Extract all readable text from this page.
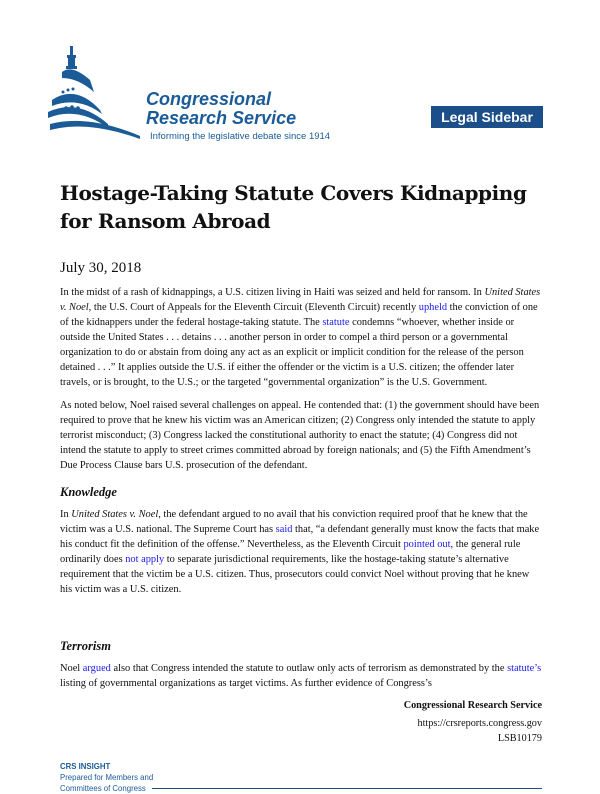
Congressional
Research Service
Informing the legislative debate since 1914
Legal Sidebar
Hostage-Taking Statute Covers Kidnapping for Ransom Abroad
July 30, 2018

In the midst of a rash of kidnappings, a U.S. citizen living in Haiti was seized and held for ransom. In United States v. Noel, the U.S. Court of Appeals for the Eleventh Circuit (Eleventh Circuit) recently upheld the conviction of one of the kidnappers under the federal hostage-taking statute. The statute condemns “whoever, whether inside or outside the United States . . . detains . . . another person in order to compel a third person or a governmental organization to do or abstain from doing any act as an explicit or implicit condition for the release of the person detained . . .” It applies outside the U.S. if either the offender or the victim is a U.S. citizen; the offender later travels, or is brought, to the U.S.; or the targeted “governmental organization” is the U.S. Government.

As noted below, Noel raised several challenges on appeal. He contended that: (1) the government should have been required to prove that he knew his victim was an American citizen; (2) Congress only intended the statute to apply terrorist misconduct; (3) Congress lacked the constitutional authority to enact the statute; (4) Congress did not intend the statute to apply to street crimes committed abroad by foreign nationals; and (5) the Fifth Amendment’s Due Process Clause bars U.S. prosecution of the defendant.

Knowledge

In United States v. Noel, the defendant argued to no avail that his conviction required proof that he knew that the victim was a U.S. national. The Supreme Court has said that, “a defendant generally must know the facts that make his conduct fit the definition of the offense.” Nevertheless, as the Eleventh Circuit pointed out, the general rule ordinarily does not apply to separate jurisdictional requirements, like the hostage-taking statute’s alternative requirement that the victim be a U.S. citizen. Thus, prosecutors could convict Noel without proving that he knew his victim was a U.S. citizen.

Terrorism

Noel argued also that Congress intended the statute to outlaw only acts of terrorism as demonstrated by the statute’s listing of governmental organizations as target victims. As further evidence of Congress’s

Congressional Research Service
https://crsreports.congress.gov
LSB10179
CRS INSIGHT
Prepared for Members and
Committees of Congress
